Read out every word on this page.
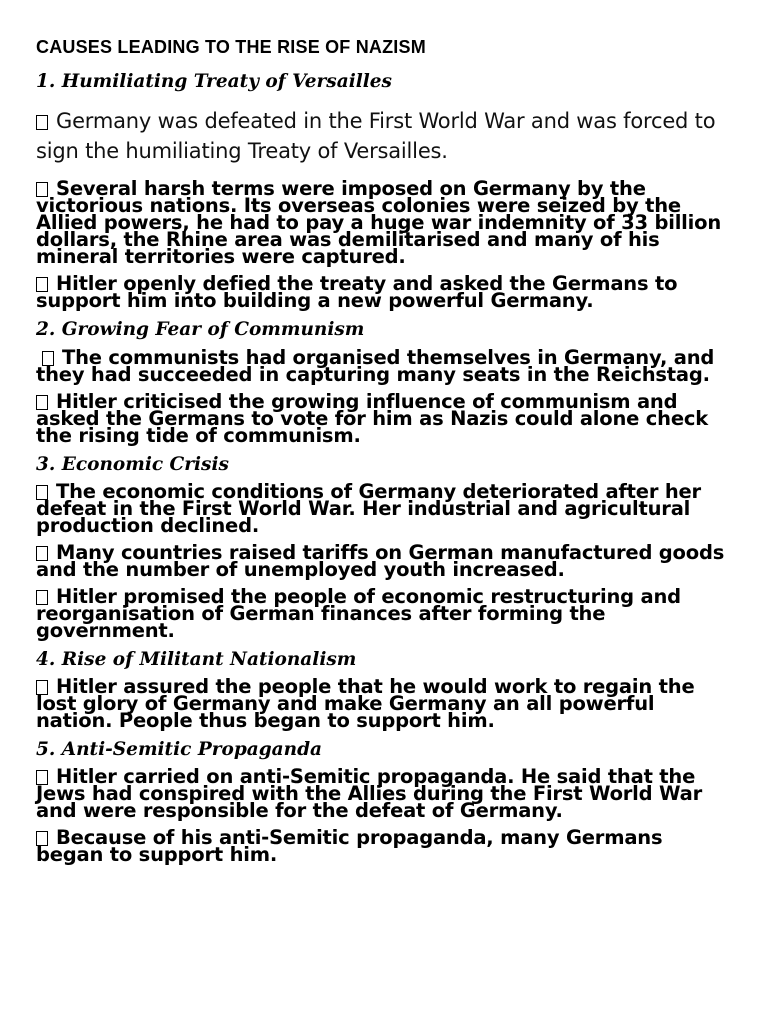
CAUSES LEADING TO THE RISE OF NAZISM
1. Humiliating Treaty of Versailles
Germany was defeated in the First World War and was forced to sign the humiliating Treaty of Versailles.
Several harsh terms were imposed on Germany by the victorious nations. Its overseas colonies were seized by the Allied powers, he had to pay a huge war indemnity of 33 billion dollars, the Rhine area was demilitarised and many of his mineral territories were captured.
Hitler openly defied the treaty and asked the Germans to support him into building a new powerful Germany.
2. Growing Fear of Communism
The communists had organised themselves in Germany, and they had succeeded in capturing many seats in the Reichstag.
Hitler criticised the growing influence of communism and asked the Germans to vote for him as Nazis could alone check the rising tide of communism.
3. Economic Crisis
The economic conditions of Germany deteriorated after her defeat in the First World War. Her industrial and agricultural production declined.
Many countries raised tariffs on German manufactured goods and the number of unemployed youth increased.
Hitler promised the people of economic restructuring and reorganisation of German finances after forming the government.
4. Rise of Militant Nationalism
Hitler assured the people that he would work to regain the lost glory of Germany and make Germany an all powerful nation. People thus began to support him.
5. Anti-Semitic Propaganda
Hitler carried on anti-Semitic propaganda. He said that the Jews had conspired with the Allies during the First World War and were responsible for the defeat of Germany.
Because of his anti-Semitic propaganda, many Germans began to support him.
